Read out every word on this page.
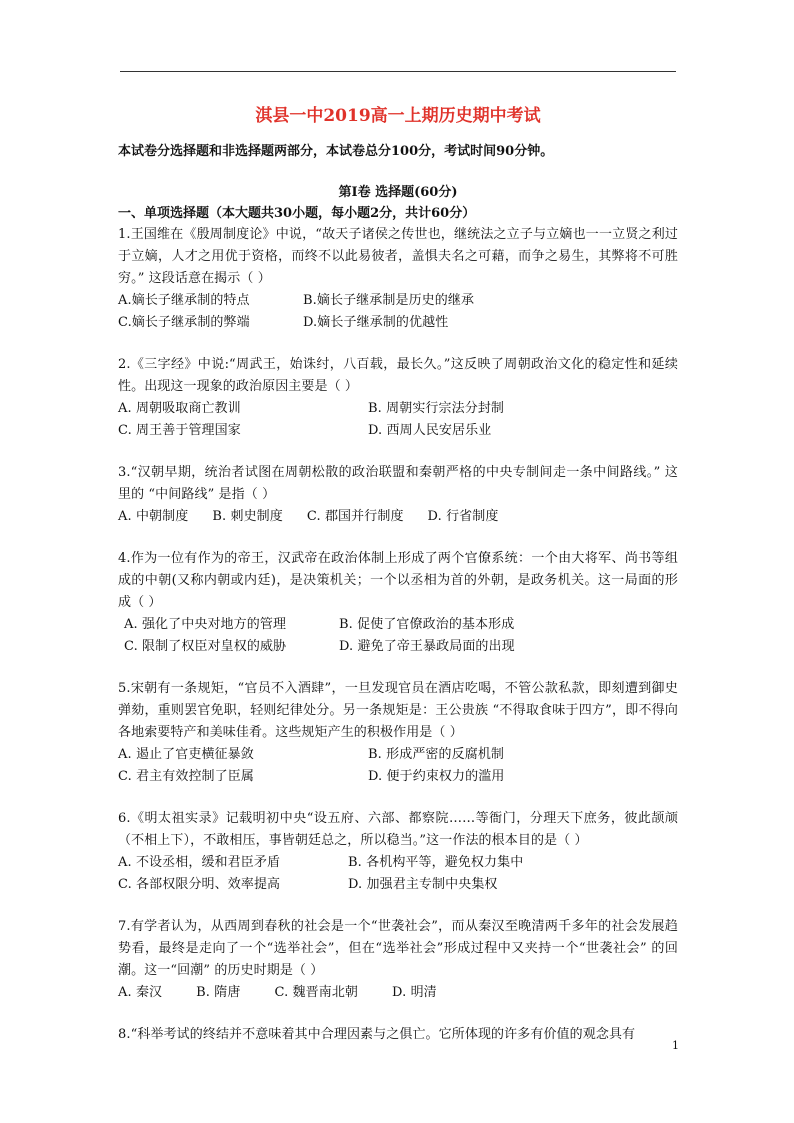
淇县一中2019高一上期历史期中考试
本试卷分选择题和非选择题两部分，本试卷总分100分，考试时间90分钟。
第Ⅰ卷 选择题(60分)
一、单项选择题（本大题共30小题，每小题2分，共计60分）
1.王国维在《殷周制度论》中说，“故天子诸侯之传世也，继统法之立子与立嫡也一一立贤之利过于立嫡，人才之用优于资格，而终不以此易彼者，盖惧夫名之可藉，而争之易生，其弊将不可胜穷。” 这段话意在揭示（ ）
A.嫡长子继承制的特点	B.嫡长子继承制是历史的继承
C.嫡长子继承制的弊端	D.嫡长子继承制的优越性
2.《三字经》中说:“周武王，始诛纣，八百载，最长久。”这反映了周朝政治文化的稳定性和延续性。出现这一现象的政治原因主要是（ ）
A. 周朝吸取商亡教训	B. 周朝实行宗法分封制
C. 周王善于管理国家	D. 西周人民安居乐业
3.“汉朝早期，统治者试图在周朝松散的政治联盟和秦朝严格的中央专制间走一条中间路线。” 这里的 “中间路线” 是指（ ）
A. 中朝制度 B. 刺史制度 C. 郡国并行制度 D. 行省制度
4.作为一位有作为的帝王，汉武帝在政治体制上形成了两个官僚系统：一个由大将军、尚书等组成的中朝(又称内朝或内廷)，是决策机关；一个以丞相为首的外朝，是政务机关。这一局面的形成（ ）
A. 强化了中央对地方的管理	B. 促使了官僚政治的基本形成
C. 限制了权臣对皇权的威胁	D. 避免了帝王暴政局面的出现
5.宋朝有一条规矩，“官员不入酒肆”，一旦发现官员在酒店吃喝，不管公款私款，即刻遭到御史弹劾，重则罢官免职，轻则纪律处分。另一条规矩是：王公贵族 “不得取食味于四方”，即不得向各地索要特产和美味佳肴。这些规矩产生的积极作用是（ ）
A. 遏止了官吏横征暴敛	B. 形成严密的反腐机制
C. 君主有效控制了臣属	D. 便于约束权力的滥用
6.《明太祖实录》记载明初中央“设五府、六部、都察院……等衙门，分理天下庶务，彼此颉颃（不相上下），不敢相压，事皆朝廷总之，所以稳当。”这一作法的根本目的是（ ）
A. 不设丞相，缓和君臣矛盾	B. 各机构平等，避免权力集中
C. 各部权限分明、效率提高	D. 加强君主专制中央集权
7.有学者认为，从西周到春秋的社会是一个“世袭社会”，而从秦汉至晚清两千多年的社会发展趋势看，最终是走向了一个“选举社会”，但在“选举社会”形成过程中又夹持一个“世袭社会” 的回潮。这一“回潮” 的历史时期是（ ）
A. 秦汉	B. 隋唐	C. 魏晋南北朝	D. 明清
8.“科举考试的终结并不意味着其中合理因素与之俱亡。它所体现的许多有价值的观念具有
1
